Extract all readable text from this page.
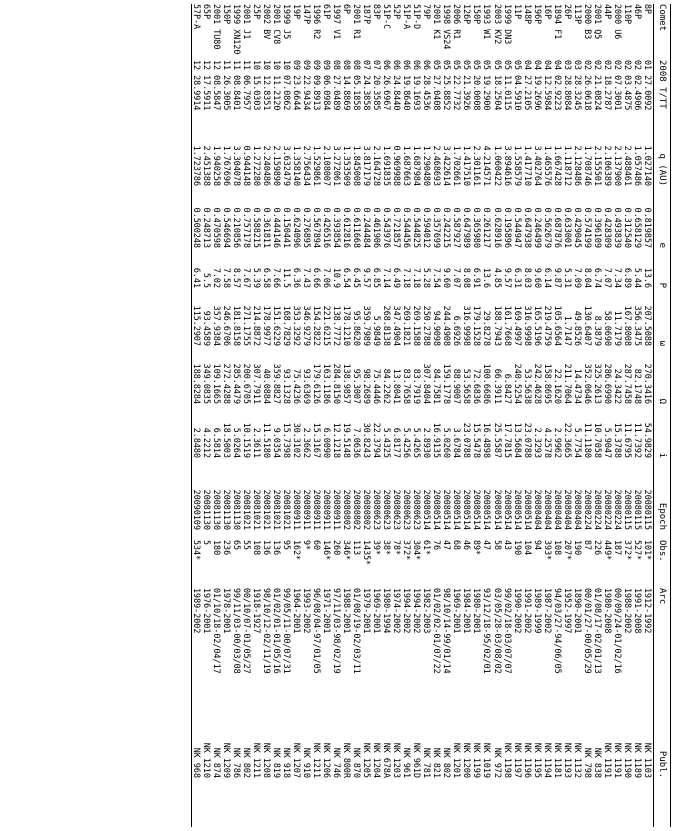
Comet
2008 T/TT
q (AU)
e
P
ω
Ω
i
Epoch
Obs.
Arc
Publ.
8P
01 27.0092
1.027140
0.819857
13.6
207.5088
270.3416
54.9829
20080115
101*
1912-1992
NK 1103
46P
02 02.4906
1.057486
0.658129
5.44
356.3475
82.1748
11.7392
20080115
527*
1991-2008
NK 1189
110P
02 03.4875
2.488461
0.312540
6.89
167.8008
287.7458
11.6795
20080115
372*
1988-2002
NK 1190
2000 U6
02 07.3001
2.137900
0.493839
7.34
11.7179
24.3422
15.3788
20080224
187
00/09/24-01/02/16
NK 1191
44P
02 18.2787
2.106389
0.428309
7.07
58.0690
286.6990
5.9047
20080224
449*
1980-2008
NK 1191
2001 Q5
02 21.0824
2.155501
0.396109
6.74
8.3879
325.2613
10.7058
20080224
226
01/08/17-02/01/13
NK 838
2000 B3
02 26.0618
1.708746
0.574199
8.04
130.6407
352.0646
11.1180
20080224
87
00/01/27-00/05/29
NK 798
113P
03 28.3245
2.128486
0.429045
7.09
49.8526
14.4734
5.7754
20080404
190
1890-2001
NK 1132
26P
03 28.8084
1.118712
0.633001
5.31
1.7147
211.7064
22.3665
20080404
207*
1952-1997
NK 1193
1894 F1
04 02.9223
1.667428
0.687876
9.87
105.6564
22.1620
2.9962
20080404
108
94/03/27-94/06/05
NK 1181
16P
04 12.5984
1.465576
0.562679
6.14
219.4759
158.8695
4.2578
20080404
393*
1987-2002
NK 1194
196P
04 19.2696
3.402764
0.246499
9.60
165.5196
242.4628
2.3293
20080404
94
1989-1999
NK 1195
148P
04 27.2105
1.417710
0.647938
8.03
316.9998
53.5638
23.0788
20080514
104
1991-2002
NK 1196
11P
05 04.5910
1.558579
0.544947
6.31
169.4997
240.5254
13.5684
20080514
190
1990-2002
NK 1197
1999 DN3
05 11.0115
3.894616
0.195896
9.57
161.7668
6.8427
17.7815
20080514
43
99/02/18-03/07/07
NK 1198
2003 KV2
05 18.2504
1.060422
0.628916
4.85
188.7943
66.3911
25.5587
20080514
58
03/05/28-03/08/02
NK 972
1993 W1
05 19.2900
4.214571
0.261217
13.6
29.8278
100.6686
16.4898
20080514
47
93/12/18-95/02/01
NK 1019
150P
05 20.0008
2.301161
0.365980
6.91
179.1528
72.6836
15.5478
20080514
89*
1980-2001
NK 1199
126P
05 21.3926
1.417510
0.647989
8.08
316.9998
53.5658
23.0788
20080514
46
1984-2001
NK 1200
2006 R1
05 22.7732
1.702661
0.587927
7.07
6.6926
88.9007
3.6784
20080514
68
1969-2001
NK 1201
1998 VS24
05 25.8852
3.422614
0.242215
9.60
244.4908
159.1778
5.0260
20080514
47
98/10/14-99/01/14
NK 802
2001 K1
05 27.0408
2.468693
0.357699
7.54
94.9098
84.7581
16.9135
20080514
76
01/02/02-01/07/22
NK 821
79P
06 28.4536
1.290480
0.594012
5.28
250.2788
307.8404
2.8930
20080514
61*
1982-2003
NK 781
51P-D
06 19.1693
1.687984
0.544825
7.18
269.1588
83.7919
5.4265
20080623
304*
1994-2002
NK 961D
51P-A
06 19.8640
1.687663
0.544456
7.18
269.1821
83.7658
5.4256
20080623
372*
1994-2002
NK 961
52P
06 24.8440
0.969988
0.721857
6.49
347.4904
13.8041
6.8177
20080623
78*
1974-2002
NK 1203
51P-C
06 26.6967
1.691835
0.543976
7.14
268.8138
84.2262
5.4325
20080623
38*
1980-1994
NK 678A
83P
07 20.3585
2.164728
0.461906
6.85
5.9849
75.4446
22.3794
20080623
39*
1969-2001
NK 1204
187P
07 24.3858
3.817179
0.244484
9.57
359.7989
98.2689
30.8243
20080802
1435*
1979-2001
NK 1205
2001 R1
08 05.1858
1.845008
0.611668
6.45
95.8620
95.3007
7.0636
20080802
113
01/08/19-02/03/11
NK 870
6P
08 14.8869
1.353509
0.612816
6.54
178.1210
138.9857
19.5148
20080802
346*
1988-2001
NK 800R
1997 V1
08 27.0489
3.272061
0.393854
10.9
138.7772
284.8150
12.1218
20080911
260
97/11/03-98/02/19
NK 746
61P
09 06.0984
2.108007
0.426516
7.06
221.6215
163.1186
6.0090
20080911
146*
1971-2001
NK 1206
1996 R2
09 09.8913
1.529861
0.567894
6.66
154.2822
179.6126
15.3167
20080911
60
96/08/04-97/01/05
NK 1211
147P
09 22.9434
2.756434
0.276895
7.43
346.9279
93.6369
2.3662
20080911
9*
1993-2002
NK 910
19P
09 23.6644
1.358140
0.624096
6.36
353.3292
75.4236
30.3102
20080911
162*
1964-2001
NK 1207
1999 J5
10 07.0862
3.632479
0.150441
11.5
168.7829
93.1328
15.7398
20081021
95
99/05/11-00/07/31
NK 918
2001 CV8
10 11.2120
2.159890
0.444146
7.66
151.6229
359.8827
9.0354
20081021
136
01/02/01-01/05/16
NK 819
2002 BV
10 12.8351
2.240486
0.361811
6.58
178.9977
40.0884
11.5180
20081021
136
98/10/12-02/11/19
NK 1208
25P
10 15.0303
1.272280
0.588215
5.39
214.8872
307.7911
2.3611
20081021
108
1918-1927
NK 1211
2001 J1
11 06.7957
0.944148
0.757178
7.67
271.1755
200.6705
10.1519
20081021
55
00/10/07-01/05/27
NK 802
1999 XN120
11 08.8401
3.304078
0.210856
8.57
181.8158
285.4479
5.0264
20081130
65
99/11/03-00/03/08
NK 786
150P
11 26.3005
1.767696
0.546694
7.58
246.6706
272.4288
18.5003
20081130
236
1978-2001
NK 1209
2001 TU80
12 08.5847
1.940258
0.470598
7.02
357.9384
109.1665
6.5814
20081130
180
01/10/18-02/04/17
NK 874
65P
12 17.5911
2.451388
0.248713
5.5
93.4589
349.0835
4.2212
20081130
5
1976-2001
NK 1210
57P-A
12 28.9914
1.723786
0.500248
6.41
115.2907
188.8284
2.8480
20090109
534*
1989-2002
NK 968
